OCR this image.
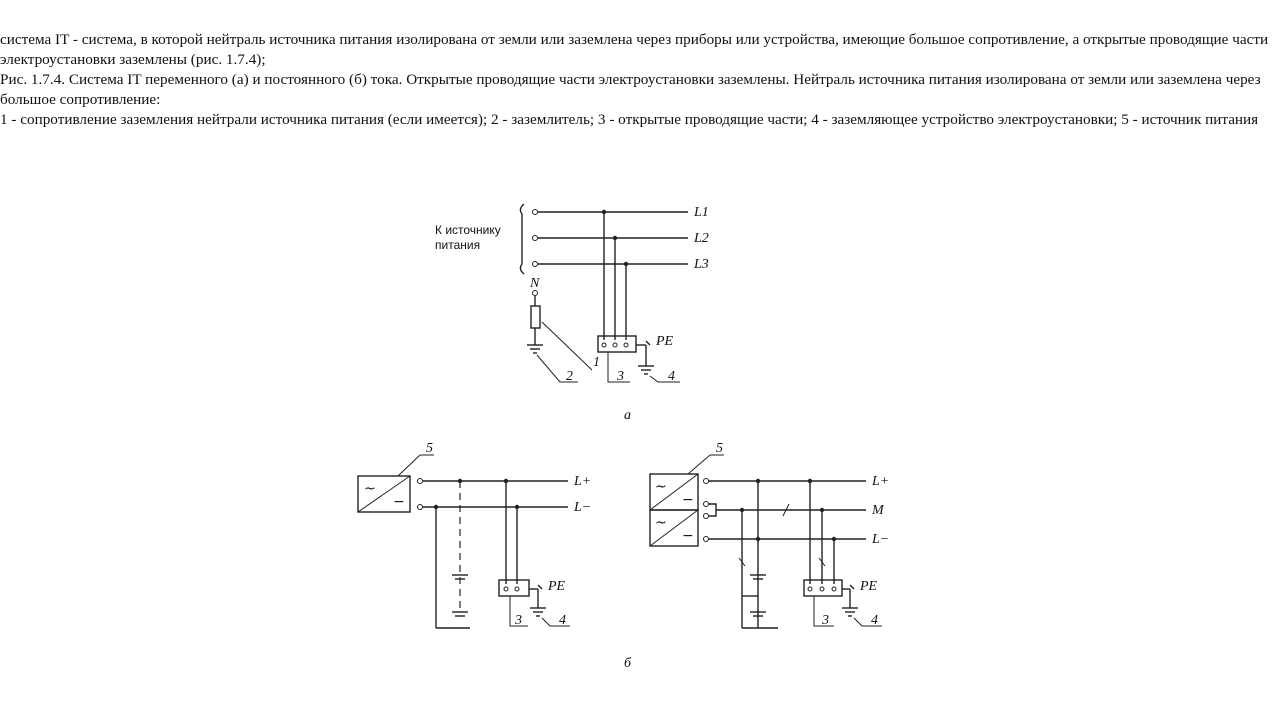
система IT - система, в которой нейтраль источника питания изолирована от земли или заземлена через приборы или устройства, имеющие большое сопротивление, а открытые проводящие части электроустановки заземлены (рис. 1.7.4);

Рис. 1.7.4. Система IT переменного (а) и постоянного (б) тока. Открытые проводящие части электроустановки заземлены. Нейтраль источника питания изолирована от земли или заземлена через большое сопротивление:

1 - сопротивление заземления нейтрали источника питания (если имеется); 2 - заземлитель; 3 - открытые проводящие части; 4 - заземляющее устройство электроустановки; 5 - источник питания

К источнику
питания
L1
L2
L3
PE
N
1
2	3	4
а
~
−
5
L+
L−
PE
3	4
~
−
~
−
5
L+
M
L−
PE
3	4
б
